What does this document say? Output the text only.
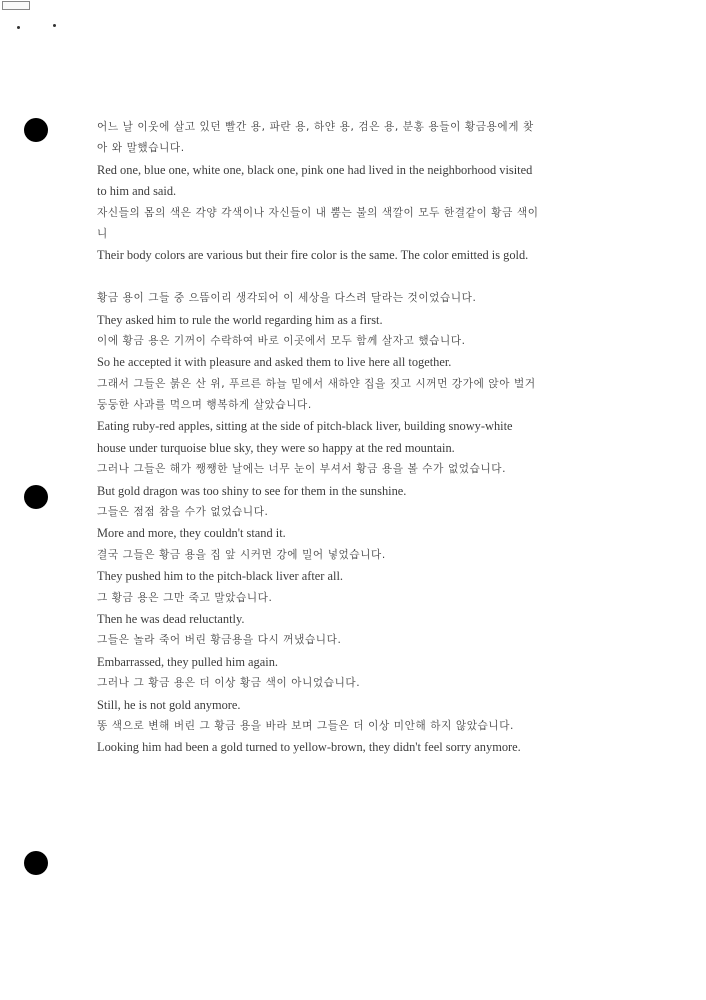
어느 날 이웃에 살고 있던 빨간 용, 파란 용, 하얀 용, 검은 용, 분홍 용들이 황금용에게 찾
아 와 말했습니다.
Red one, blue one, white one, black one, pink one had lived in the neighborhood visited
to him and said.
자신들의 몸의 색은 각양 각색이나 자신들이 내 뿜는 불의 색깔이 모두 한결같이 황금 색이
니
Their body colors are various but their fire color is the same. The color emitted is gold.
황금 용이 그들 중 으뜸이리 생각되어 이 세상을 다스려 달라는 것이었습니다.
They asked him to rule the world regarding him as a first.
이에 황금 용은 기꺼이 수락하여 바로 이곳에서 모두 함께 살자고 했습니다.
So he accepted it with pleasure and asked them to live here all together.
그래서 그들은 붉은 산 위, 푸르른 하늘 밑에서 새하얀 집을 짓고 시꺼먼 강가에 앉아 벌거
둥둥한 사과를 먹으며 행복하게 살았습니다.
Eating ruby-red apples, sitting at the side of pitch-black liver, building snowy-white
house under turquoise blue sky, they were so happy at the red mountain.
그러나 그들은 해가 쨍쨍한 날에는 너무 눈이 부셔서 황금 용을 볼 수가 없었습니다.
But gold dragon was too shiny to see for them in the sunshine.
그들은 점점 참을 수가 없었습니다.
More and more, they couldn't stand it.
결국 그들은 황금 용을 집 앞 시커먼 강에 밀어 넣었습니다.
They pushed him to the pitch-black liver after all.
그 황금 용은 그만 죽고 말았습니다.
Then he was dead reluctantly.
그들은 놀라 죽어 버린 황금용을 다시 꺼냈습니다.
Embarrassed, they pulled him again.
그러나 그 황금 용은 더 이상 황금 색이 아니었습니다.
Still, he is not gold anymore.
똥 색으로 변해 버린 그 황금 용을 바라 보며 그들은 더 이상 미안해 하지 않았습니다.
Looking him had been a gold turned to yellow-brown, they didn't feel sorry anymore.
